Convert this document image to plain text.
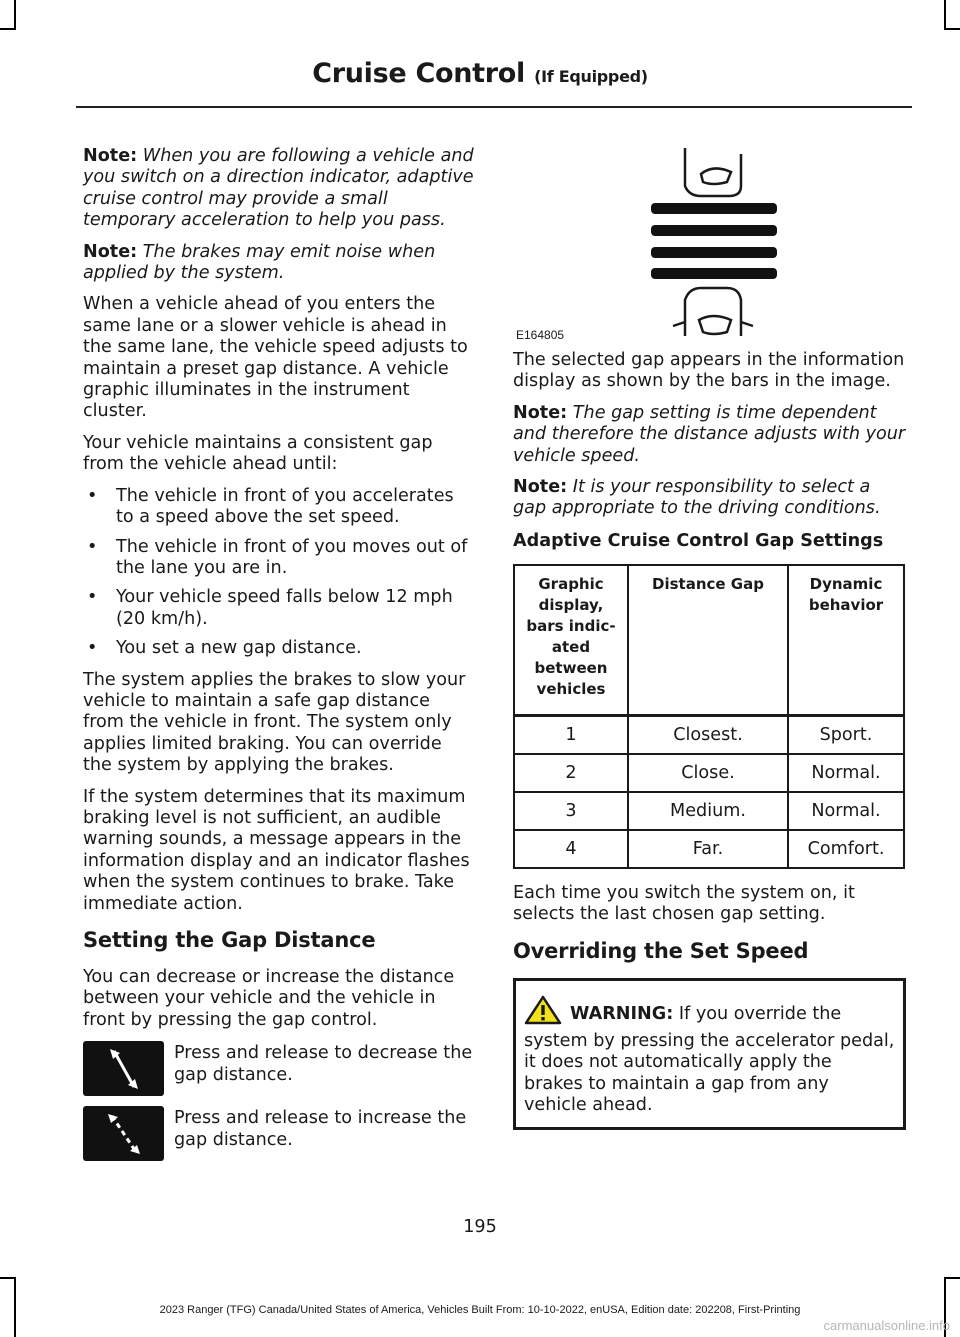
Cruise Control (If Equipped)

Note: When you are following a vehicle and you switch on a direction indicator, adaptive cruise control may provide a small temporary acceleration to help you pass.

Note: The brakes may emit noise when applied by the system.

When a vehicle ahead of you enters the same lane or a slower vehicle is ahead in the same lane, the vehicle speed adjusts to maintain a preset gap distance. A vehicle graphic illuminates in the instrument cluster.

Your vehicle maintains a consistent gap from the vehicle ahead until:

• The vehicle in front of you accelerates to a speed above the set speed.
• The vehicle in front of you moves out of the lane you are in.
• Your vehicle speed falls below 12 mph (20 km/h).
• You set a new gap distance.

The system applies the brakes to slow your vehicle to maintain a safe gap distance from the vehicle in front. The system only applies limited braking. You can override the system by applying the brakes.

If the system determines that its maximum braking level is not sufficient, an audible warning sounds, a message appears in the information display and an indicator flashes when the system continues to brake. Take immediate action.

Setting the Gap Distance

You can decrease or increase the distance between your vehicle and the vehicle in front by pressing the gap control.

Press and release to decrease the gap distance.
Press and release to increase the gap distance.
E164805

The selected gap appears in the information display as shown by the bars in the image.

Note: The gap setting is time dependent and therefore the distance adjusts with your vehicle speed.

Note: It is your responsibility to select a gap appropriate to the driving conditions.

Adaptive Cruise Control Gap Settings
Graphic display, bars indic-ated between vehicles	Distance Gap	Dynamic behavior
1	Closest.	Sport.
2	Close.	Normal.
3	Medium.	Normal.
4	Far.	Comfort.

Each time you switch the system on, it selects the last chosen gap setting.

Overriding the Set Speed
WARNING: If you override the system by pressing the accelerator pedal, it does not automatically apply the brakes to maintain a gap from any vehicle ahead.
195
2023 Ranger (TFG) Canada/United States of America, Vehicles Built From: 10-10-2022, enUSA, Edition date: 202208, First-Printing
carmanualsonline.info
